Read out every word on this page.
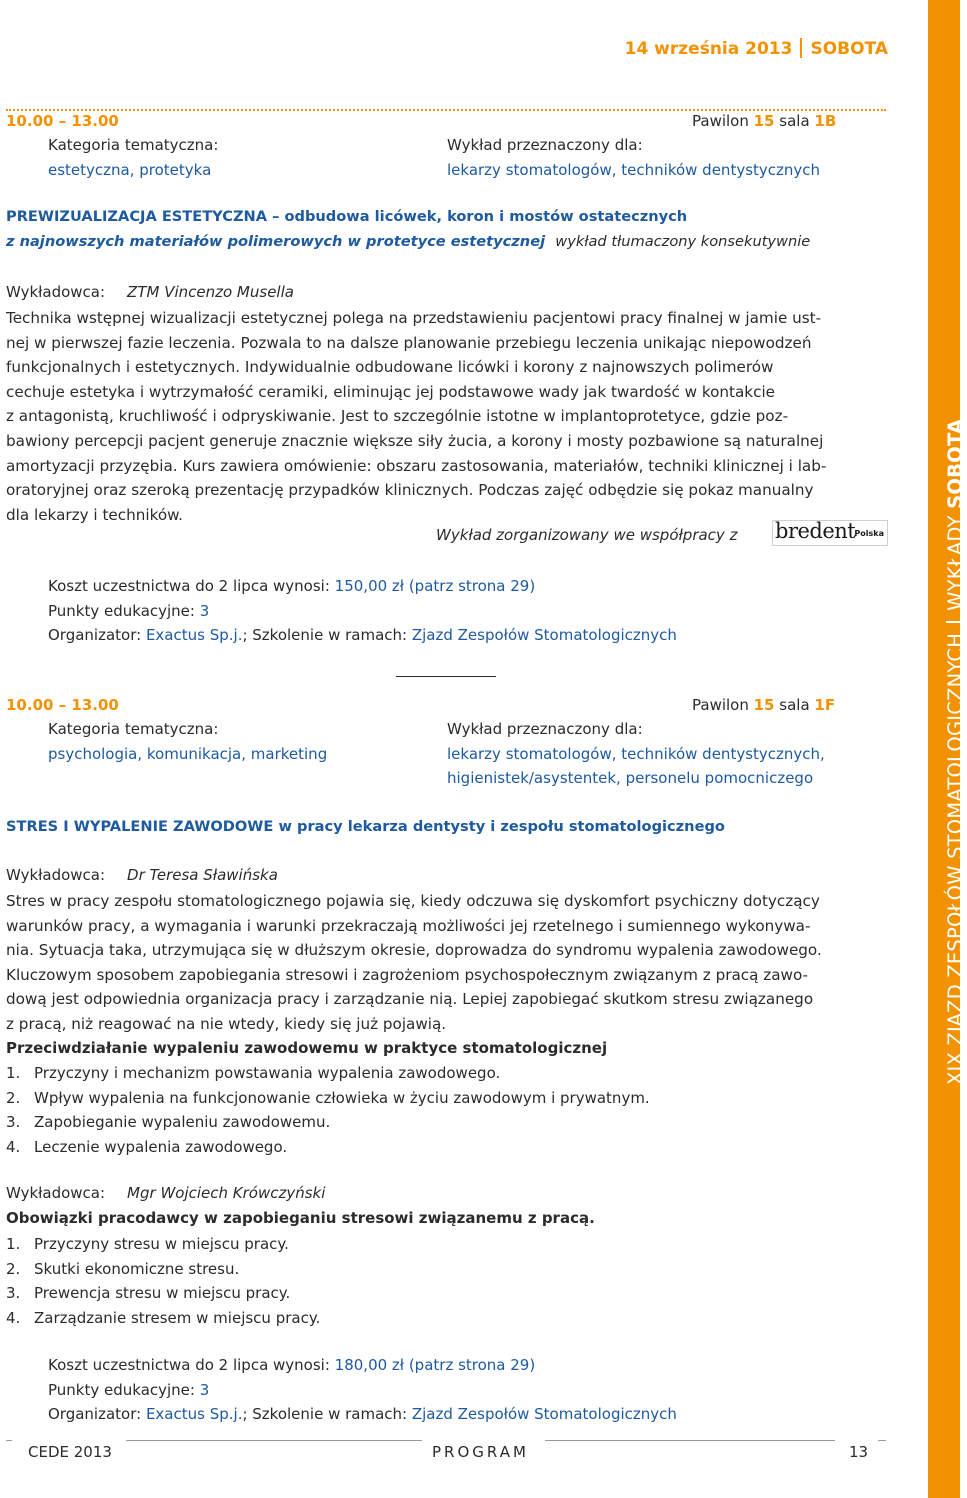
XIX ZJAZD ZESPOŁÓW STOMATOLOGICZNYCHWYKŁADY SOBOTA
14 września 2013 SOBOTA
10.00 – 13.00	Pawilon 15 sala 1B
Kategoria tematyczna:
estetyczna, protetyka
Wykład przeznaczony dla:
lekarzy stomatologów, techników dentystycznych
PREWIZUALIZACJA ESTETYCZNA – odbudowa licówek, koron i mostów ostatecznych
z najnowszych materiałów polimerowych w protetyce estetycznej wykład tłumaczony konsekutywnie
Wykładowca: ZTM Vincenzo Musella
Technika wstępnej wizualizacji estetycznej polega na przedstawieniu pacjentowi pracy finalnej w jamie ust-
nej w pierwszej fazie leczenia. Pozwala to na dalsze planowanie przebiegu leczenia unikając niepowodzeń
funkcjonalnych i estetycznych. Indywidualnie odbudowane licówki i korony z najnowszych polimerów
cechuje estetyka i wytrzymałość ceramiki, eliminując jej podstawowe wady jak twardość w kontakcie
z antagonistą, kruchliwość i odpryskiwanie. Jest to szczególnie istotne w implantoprotetyce, gdzie poz-
bawiony percepcji pacjent generuje znacznie większe siły żucia, a korony i mosty pozbawione są naturalnej
amortyzacji przyzębia. Kurs zawiera omówienie: obszaru zastosowania, materiałów, techniki klinicznej i lab-
oratoryjnej oraz szeroką prezentację przypadków klinicznych. Podczas zajęć odbędzie się pokaz manualny
dla lekarzy i techników.
Wykład zorganizowany we współpracy z bredent Polska
Koszt uczestnictwa do 2 lipca wynosi: 150,00 zł (patrz strona 29)
Punkty edukacyjne: 3
Organizator: Exactus Sp.j.; Szkolenie w ramach: Zjazd Zespołów Stomatologicznych
10.00 – 13.00	Pawilon 15 sala 1F
Kategoria tematyczna:
psychologia, komunikacja, marketing
Wykład przeznaczony dla:
lekarzy stomatologów, techników dentystycznych,
higienistek/asystentek, personelu pomocniczego
STRES I WYPALENIE ZAWODOWE w pracy lekarza dentysty i zespołu stomatologicznego
Wykładowca: Dr Teresa Sławińska
Stres w pracy zespołu stomatologicznego pojawia się, kiedy odczuwa się dyskomfort psychiczny dotyczący
warunków pracy, a wymagania i warunki przekraczają możliwości jej rzetelnego i sumiennego wykonywa-
nia. Sytuacja taka, utrzymująca się w dłuższym okresie, doprowadza do syndromu wypalenia zawodowego.
Kluczowym sposobem zapobiegania stresowi i zagrożeniom psychospołecznym związanym z pracą zawo-
dową jest odpowiednia organizacja pracy i zarządzanie nią. Lepiej zapobiegać skutkom stresu związanego
z pracą, niż reagować na nie wtedy, kiedy się już pojawią.
Przeciwdziałanie wypaleniu zawodowemu w praktyce stomatologicznej
1. Przyczyny i mechanizm powstawania wypalenia zawodowego.
2. Wpływ wypalenia na funkcjonowanie człowieka w życiu zawodowym i prywatnym.
3. Zapobieganie wypaleniu zawodowemu.
4. Leczenie wypalenia zawodowego.
Wykładowca: Mgr Wojciech Krówczyński
Obowiązki pracodawcy w zapobieganiu stresowi związanemu z pracą.
1. Przyczyny stresu w miejscu pracy.
2. Skutki ekonomiczne stresu.
3. Prewencja stresu w miejscu pracy.
4. Zarządzanie stresem w miejscu pracy.
Koszt uczestnictwa do 2 lipca wynosi: 180,00 zł (patrz strona 29)
Punkty edukacyjne: 3
Organizator: Exactus Sp.j.; Szkolenie w ramach: Zjazd Zespołów Stomatologicznych
CEDE 2013	PROGRAM	13
